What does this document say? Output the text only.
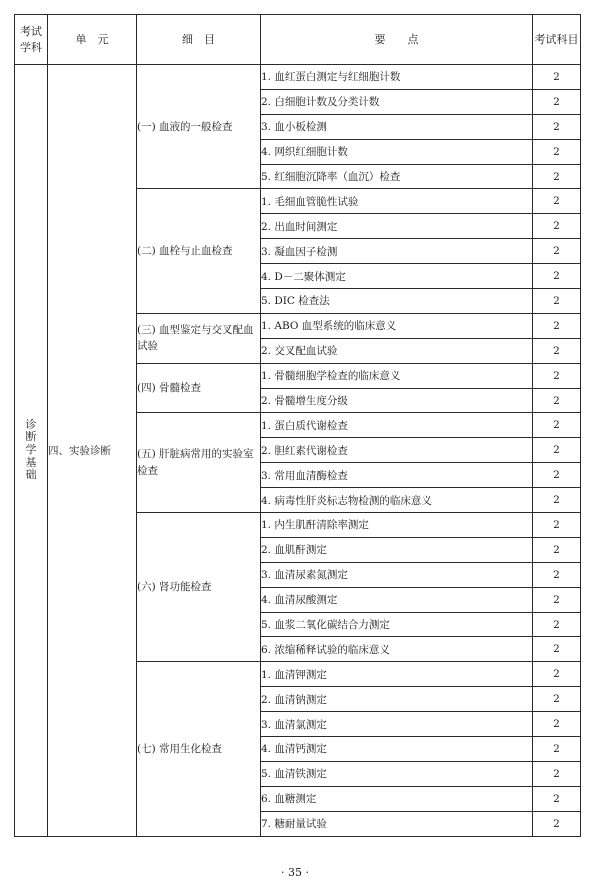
考试学科	单　元	细　目	要　　点	考试科目
诊断学基础	四、实验诊断	(一) 血液的一般检查	1. 血红蛋白测定与红细胞计数	2
			2. 白细胞计数及分类计数	2
			3. 血小板检测	2
			4. 网织红细胞计数	2
			5. 红细胞沉降率（血沉）检查	2
		(二) 血栓与止血检查	1. 毛细血管脆性试验	2
			2. 出血时间测定	2
			3. 凝血因子检测	2
			4. D－二聚体测定	2
			5. DIC 检查法	2
		(三) 血型鉴定与交叉配血试验	1. ABO 血型系统的临床意义	2
			2. 交叉配血试验	2
		(四) 骨髓检查	1. 骨髓细胞学检查的临床意义	2
			2. 骨髓增生度分级	2
		(五) 肝脏病常用的实验室检查	1. 蛋白质代谢检查	2
			2. 胆红素代谢检查	2
			3. 常用血清酶检查	2
			4. 病毒性肝炎标志物检测的临床意义	2
		(六) 肾功能检查	1. 内生肌酐清除率测定	2
			2. 血肌酐测定	2
			3. 血清尿素氮测定	2
			4. 血清尿酸测定	2
			5. 血浆二氧化碳结合力测定	2
			6. 浓缩稀释试验的临床意义	2
		(七) 常用生化检查	1. 血清钾测定	2
			2. 血清钠测定	2
			3. 血清氯测定	2
			4. 血清钙测定	2
			5. 血清铁测定	2
			6. 血糖测定	2
			7. 糖耐量试验	2
· 35 ·
